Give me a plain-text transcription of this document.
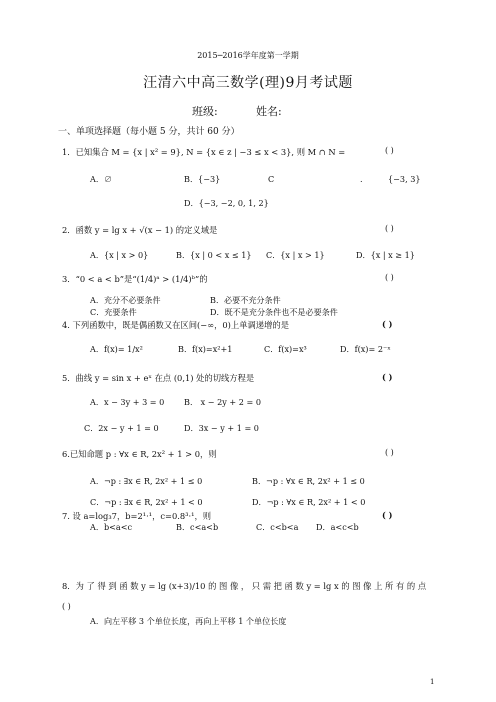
2015─2016学年度第一学期
汪清六中高三数学(理)9月考试题
班级:	姓名:
一、单项选择题（每小题 5 分，共计 60 分）
1．已知集合 M = {x | x² = 9}, N = {x ∈ z | −3 ≤ x < 3}, 则 M ∩ N =	( )
A．∅	B．{−3}	C	.	{−3, 3}
D．{−3, −2, 0, 1, 2}
2．函数 y = lg x + √(x − 1) 的定义域是	( )
A．{x | x > 0}	B．{x | 0 < x ≤ 1} C．{x | x > 1}	D．{x | x ≥ 1}
3．“0 < a < b”是“(1/4)ᵃ > (1/4)ᵇ”的	( )
A．充分不必要条件	B．必要不充分条件
C．充要条件	D．既不是充分条件也不是必要条件
4. 下列函数中，既是偶函数又在区间(−∞，0)上单调递增的是	( )
A．f(x)= 1/x²	B．f(x)=x²+1	C．f(x)=x³	D．f(x)= 2⁻ˣ
5．曲线 y = sin x + eˣ 在点 (0,1) 处的切线方程是	( )
A．x − 3y + 3 = 0 B． x − 2y + 2 = 0
C．2x − y + 1 = 0	D．3x − y + 1 = 0
6.已知命题 p : ∀x ∈ R, 2x² + 1 > 0，则	( )
A．¬p : ∃x ∈ R, 2x² + 1 ≤ 0	B．¬p : ∀x ∈ R, 2x² + 1 ≤ 0
C．¬p : ∃x ∈ R, 2x² + 1 < 0	D．¬p : ∀x ∈ R, 2x² + 1 < 0
7. 设 a=log₃7，b=2¹·¹，c=0.8³·¹，则	( )
A．b<a<c	B．c<a<b	C．c<b<a D．a<c<b
8．为 了 得 到 函 数 y = lg (x+3)/10 的 图 像 ， 只 需 把 函 数 y = lg x 的 图 像 上 所 有 的 点
( )
A．向左平移 3 个单位长度，再向上平移 1 个单位长度
1
